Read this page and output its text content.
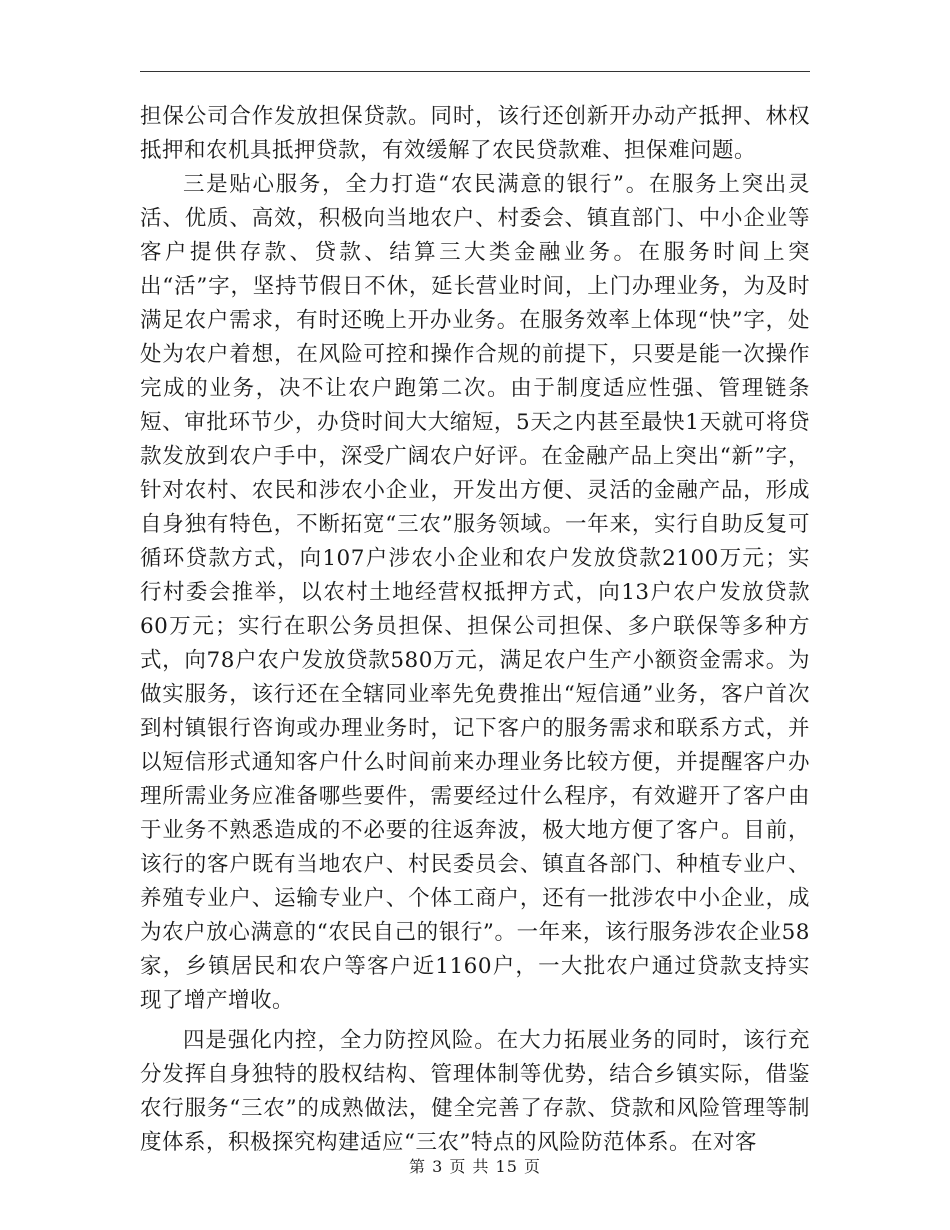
担保公司合作发放担保贷款。同时，该行还创新开办动产抵押、林权抵押和农机具抵押贷款，有效缓解了农民贷款难、担保难问题。

三是贴心服务，全力打造“农民满意的银行”。在服务上突出灵活、优质、高效，积极向当地农户、村委会、镇直部门、中小企业等客户提供存款、贷款、结算三大类金融业务。在服务时间上突出“活”字，坚持节假日不休，延长营业时间，上门办理业务，为及时满足农户需求，有时还晚上开办业务。在服务效率上体现“快”字，处处为农户着想，在风险可控和操作合规的前提下，只要是能一次操作完成的业务，决不让农户跑第二次。由于制度适应性强、管理链条短、审批环节少，办贷时间大大缩短，5天之内甚至最快1天就可将贷款发放到农户手中，深受广阔农户好评。在金融产品上突出“新”字，针对农村、农民和涉农小企业，开发出方便、灵活的金融产品，形成自身独有特色，不断拓宽“三农”服务领域。一年来，实行自助反复可循环贷款方式，向107户涉农小企业和农户发放贷款2100万元；实行村委会推举，以农村土地经营权抵押方式，向13户农户发放贷款60万元；实行在职公务员担保、担保公司担保、多户联保等多种方式，向78户农户发放贷款580万元，满足农户生产小额资金需求。为做实服务，该行还在全辖同业率先免费推出“短信通”业务，客户首次到村镇银行咨询或办理业务时，记下客户的服务需求和联系方式，并以短信形式通知客户什么时间前来办理业务比较方便，并提醒客户办理所需业务应准备哪些要件，需要经过什么程序，有效避开了客户由于业务不熟悉造成的不必要的往返奔波，极大地方便了客户。目前，该行的客户既有当地农户、村民委员会、镇直各部门、种植专业户、养殖专业户、运输专业户、个体工商户，还有一批涉农中小企业，成为农户放心满意的“农民自己的银行”。一年来，该行服务涉农企业58家，乡镇居民和农户等客户近1160户，一大批农户通过贷款支持实现了增产增收。

四是强化内控，全力防控风险。在大力拓展业务的同时，该行充分发挥自身独特的股权结构、管理体制等优势，结合乡镇实际，借鉴农行服务“三农”的成熟做法，健全完善了存款、贷款和风险管理等制度体系，积极探究构建适应“三农”特点的风险防范体系。在对客

第 3 页 共 15 页
